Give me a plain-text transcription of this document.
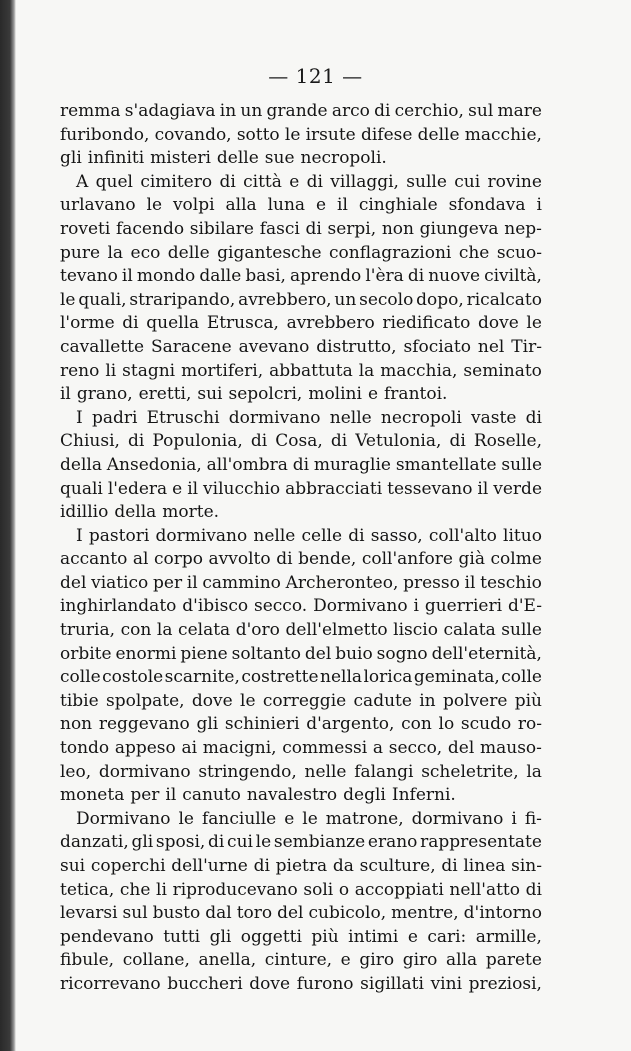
— 121 —
remma s'adagiava in un grande arco di cerchio, sul mare
furibondo, covando, sotto le irsute difese delle macchie,
gli infiniti misteri delle sue necropoli.
A quel cimitero di città e di villaggi, sulle cui rovine
urlavano le volpi alla luna e il cinghiale sfondava i
roveti facendo sibilare fasci di serpi, non giungeva nep-
pure la eco delle gigantesche conflagrazioni che scuo-
tevano il mondo dalle basi, aprendo l'èra di nuove civiltà,
le quali, straripando, avrebbero, un secolo dopo, ricalcato
l'orme di quella Etrusca, avrebbero riedificato dove le
cavallette Saracene avevano distrutto, sfociato nel Tir-
reno li stagni mortiferi, abbattuta la macchia, seminato
il grano, eretti, sui sepolcri, molini e frantoi.
I padri Etruschi dormivano nelle necropoli vaste di
Chiusi, di Populonia, di Cosa, di Vetulonia, di Roselle,
della Ansedonia, all'ombra di muraglie smantellate sulle
quali l'edera e il vilucchio abbracciati tessevano il verde
idillio della morte.
I pastori dormivano nelle celle di sasso, coll'alto lituo
accanto al corpo avvolto di bende, coll'anfore già colme
del viatico per il cammino Archeronteo, presso il teschio
inghirlandato d'ibisco secco. Dormivano i guerrieri d'E-
truria, con la celata d'oro dell'elmetto liscio calata sulle
orbite enormi piene soltanto del buio sogno dell'eternità,
colle costole scarnite, costrette nella lorica geminata, colle
tibie spolpate, dove le correggie cadute in polvere più
non reggevano gli schinieri d'argento, con lo scudo ro-
tondo appeso ai macigni, commessi a secco, del mauso-
leo, dormivano stringendo, nelle falangi scheletrite, la
moneta per il canuto navalestro degli Inferni.
Dormivano le fanciulle e le matrone, dormivano i fi-
danzati, gli sposi, di cui le sembianze erano rappresentate
sui coperchi dell'urne di pietra da sculture, di linea sin-
tetica, che li riproducevano soli o accoppiati nell'atto di
levarsi sul busto dal toro del cubicolo, mentre, d'intorno
pendevano tutti gli oggetti più intimi e cari: armille,
fibule, collane, anella, cinture, e giro giro alla parete
ricorrevano buccheri dove furono sigillati vini preziosi,
